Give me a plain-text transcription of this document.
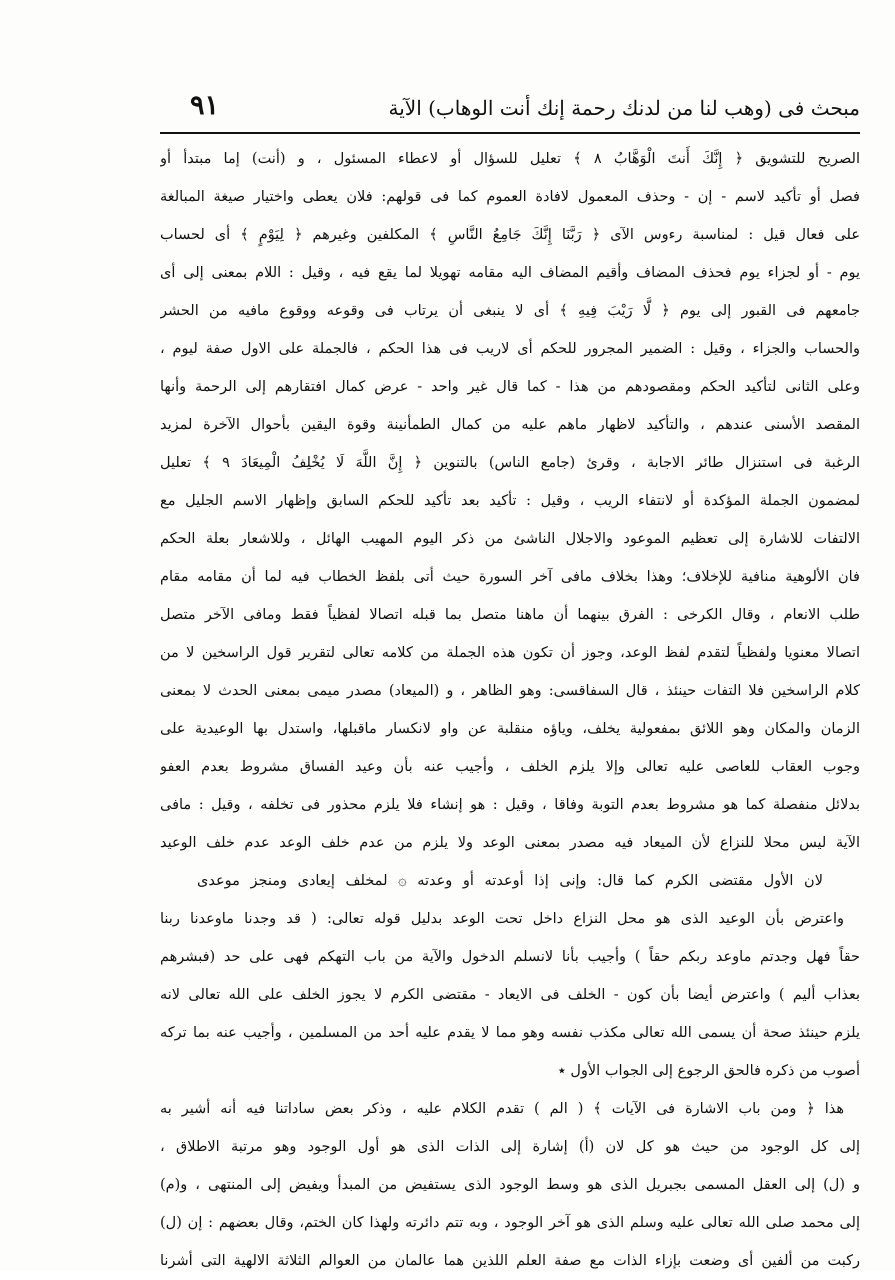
مبحث فى (وهب لنا من لدنك رحمة إنك أنت الوهاب) الآية
٩١
الصريح للتشويق ﴿ إِنَّكَ أَنتَ الْوَهَّابُ ٨ ﴾ تعليل للسؤال أو لاعطاء المسئول ، و (أنت) إما مبتدأ أو
فصل أو تأكيد لاسم - إن - وحذف المعمول لافادة العموم كما فى قولهم: فلان يعطى واختيار صيغة المبالغة
على فعال قيل : لمناسبة رءوس الآى ﴿ رَبَّنَا إِنَّكَ جَامِعُ النَّاسِ ﴾ المكلفين وغيرهم ﴿ لِيَوْمٍ ﴾ أى لحساب
يوم - أو لجزاء يوم فحذف المضاف وأقيم المضاف اليه مقامه تهويلا لما يقع فيه ، وقيل : اللام بمعنى إلى أى
جامعهم فى القبور إلى يوم ﴿ لَّا رَيْبَ فِيهِ ﴾ أى لا ينبغى أن يرتاب فى وقوعه ووقوع مافيه من الحشر
والحساب والجزاء ، وقيل : الضمير المجرور للحكم أى لاريب فى هذا الحكم ، فالجملة على الاول صفة ليوم ،
وعلى الثانى لتأكيد الحكم ومقصودهم من هذا - كما قال غير واحد - عرض كمال افتقارهم إلى الرحمة وأنها
المقصد الأسنى عندهم ، والتأكيد لاظهار ماهم عليه من كمال الطمأنينة وقوة اليقين بأحوال الآخرة لمزيد
الرغبة فى استنزال طائر الاجابة ، وقرئ (جامع الناس) بالتنوين ﴿ إِنَّ اللَّهَ لَا يُخْلِفُ الْمِيعَادَ ٩ ﴾ تعليل
لمضمون الجملة المؤكدة أو لانتفاء الريب ، وقيل : تأكيد بعد تأكيد للحكم السابق وإظهار الاسم الجليل مع
الالتفات للاشارة إلى تعظيم الموعود والاجلال الناشئ من ذكر اليوم المهيب الهائل ، وللاشعار بعلة الحكم
فان الألوهية منافية للإخلاف؛ وهذا بخلاف مافى آخر السورة حيث أتى بلفظ الخطاب فيه لما أن مقامه مقام
طلب الانعام ، وقال الكرخى : الفرق بينهما أن ماهنا متصل بما قبله اتصالا لفظياً فقط ومافى الآخر متصل
اتصالا معنويا ولفظياً لتقدم لفظ الوعد، وجوز أن تكون هذه الجملة من كلامه تعالى لتقرير قول الراسخين لا من
كلام الراسخين فلا التفات حينئذ ، قال السفاقسى: وهو الظاهر ، و (الميعاد) مصدر ميمى بمعنى الحدث لا بمعنى
الزمان والمكان وهو اللائق بمفعولية يخلف، وياؤه منقلبة عن واو لانكسار ماقبلها، واستدل بها الوعيدية على
وجوب العقاب للعاصى عليه تعالى وإلا يلزم الخلف ، وأجيب عنه بأن وعيد الفساق مشروط بعدم العفو
بدلائل منفصلة كما هو مشروط بعدم التوبة وفاقا ، وقيل : هو إنشاء فلا يلزم محذور فى تخلفه ، وقيل : مافى
الآية ليس محلا للنزاع لأن الميعاد فيه مصدر بمعنى الوعد ولا يلزم من عدم خلف الوعد عدم خلف الوعيد
لان الأول مقتضى الكرم كما قال: وإنى إذا أوعدته أو وعدته ۞ لمخلف إيعادى ومنجز موعدى
واعترض بأن الوعيد الذى هو محل النزاع داخل تحت الوعد بدليل قوله تعالى: ( قد وجدنا ماوعدنا ربنا
حقاً فهل وجدتم ماوعد ربكم حقاً ) وأجيب بأنا لانسلم الدخول والآية من باب التهكم فهى على حد (فبشرهم
بعذاب أليم ) واعترض أيضا بأن كون - الخلف فى الايعاد - مقتضى الكرم لا يجوز الخلف على الله تعالى لانه
يلزم حينئذ صحة أن يسمى الله تعالى مكذب نفسه وهو مما لا يقدم عليه أحد من المسلمين ، وأجيب عنه بما تركه
أصوب من ذكره فالحق الرجوع إلى الجواب الأول ٭
هذا ﴿ ومن باب الاشارة فى الآيات ﴾ ( الم ) تقدم الكلام عليه ، وذكر بعض ساداتنا فيه أنه أشير به
إلى كل الوجود من حيث هو كل لان (أ) إشارة إلى الذات الذى هو أول الوجود وهو مرتبة الاطلاق ،
و (ل) إلى العقل المسمى بجبريل الذى هو وسط الوجود الذى يستفيض من المبدأ ويفيض إلى المنتهى ، و(م)
إلى محمد صلى الله تعالى عليه وسلم الذى هو آخر الوجود ، وبه تتم دائرته ولهذا كان الختم، وقال بعضهم : إن (ل)
ركبت من ألفين أى وضعت بإزاء الذات مع صفة العلم اللذين هما عالمان من العوالم الثلاثة الالهية التى أشرنا
